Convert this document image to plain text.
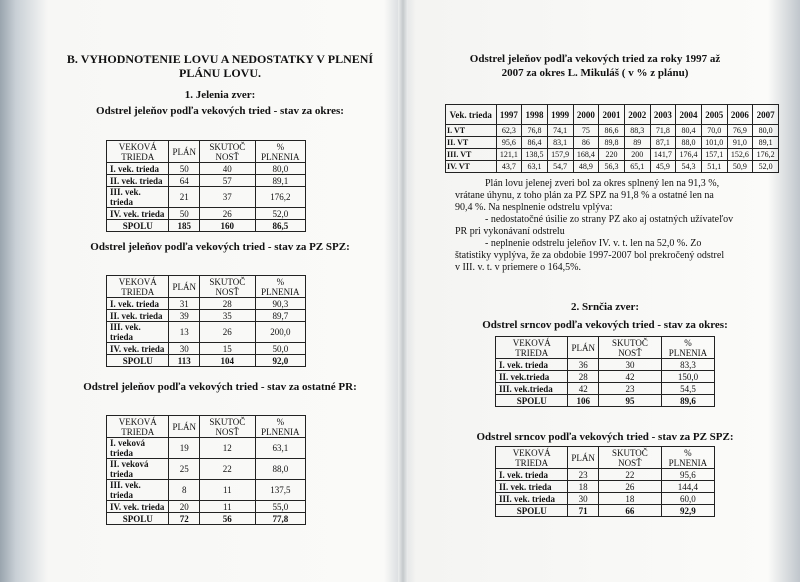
B. VYHODNOTENIE LOVU A NEDOSTATKY V PLNENÍ
PLÁNU LOVU.
1. Jelenia zver:
Odstrel jeleňov podľa vekových tried - stav za okres:
VEKOVÁ TRIEDA	PLÁN	SKUTOČ NOSŤ	% PLNENIA
I. vek. trieda	50	40	80,0
II. vek. trieda	64	57	89,1
III. vek. trieda	21	37	176,2
IV. vek. trieda	50	26	52,0
SPOLU	185	160	86,5
Odstrel jeleňov podľa vekových tried - stav za PZ SPZ:
VEKOVÁ TRIEDA	PLÁN	SKUTOČ NOSŤ	% PLNENIA
I. vek. trieda	31	28	90,3
II. vek. trieda	39	35	89,7
III. vek. trieda	13	26	200,0
IV. vek. trieda	30	15	50,0
SPOLU	113	104	92,0
Odstrel jeleňov podľa vekových tried - stav za ostatné PR:
VEKOVÁ TRIEDA	PLÁN	SKUTOČ NOSŤ	% PLNENIA
I. veková trieda	19	12	63,1
II. veková trieda	25	22	88,0
III. vek. trieda	8	11	137,5
IV. vek. trieda	20	11	55,0
SPOLU	72	56	77,8
Odstrel jeleňov podľa vekových tried za roky 1997 až
2007 za okres L. Mikuláš ( v % z plánu)
Vek. trieda	1997	1998	1999	2000	2001	2002	2003	2004	2005	2006	2007
I. VT	62,3	76,8	74,1	75	86,6	88,3	71,8	80,4	70,0	76,9	80,0
II. VT	95,6	86,4	83,1	86	89,8	89	87,1	88,0	101,0	91,0	89,1
III. VT	121,1	138,5	157,9	168,4	220	200	141,7	176,4	157,1	152,6	176,2
IV. VT	43,7	63,1	54,7	48,9	56,3	65,1	45,9	54,3	51,1	50,9	52,0
Plán lovu jelenej zveri bol za okres splnený len na 91,3 %,
vrátane úhynu, z toho plán za PZ SPZ na 91,8 % a ostatné len na
90,4 %. Na nesplnenie odstrelu vplýva:
- nedostatočné úsilie zo strany PZ ako aj ostatných užívateľov
PR pri vykonávaní odstrelu
- neplnenie odstrelu jeleňov IV. v. t. len na 52,0 %. Zo
štatistiky vyplýva, že za obdobie 1997-2007 bol prekročený odstrel
v III. v. t. v priemere o 164,5%.
2. Srnčia zver:
Odstrel srncov podľa vekových tried - stav za okres:
VEKOVÁ TRIEDA	PLÁN	SKUTOČ NOSŤ	% PLNENIA
I. vek. trieda	36	30	83,3
II. vek.trieda	28	42	150,0
III. vek.trieda	42	23	54,5
SPOLU	106	95	89,6
Odstrel srncov podľa vekových tried - stav za PZ SPZ:
VEKOVÁ TRIEDA	PLÁN	SKUTOČ NOSŤ	% PLNENIA
I. vek. trieda	23	22	95,6
II. vek. trieda	18	26	144,4
III. vek. trieda	30	18	60,0
SPOLU	71	66	92,9
